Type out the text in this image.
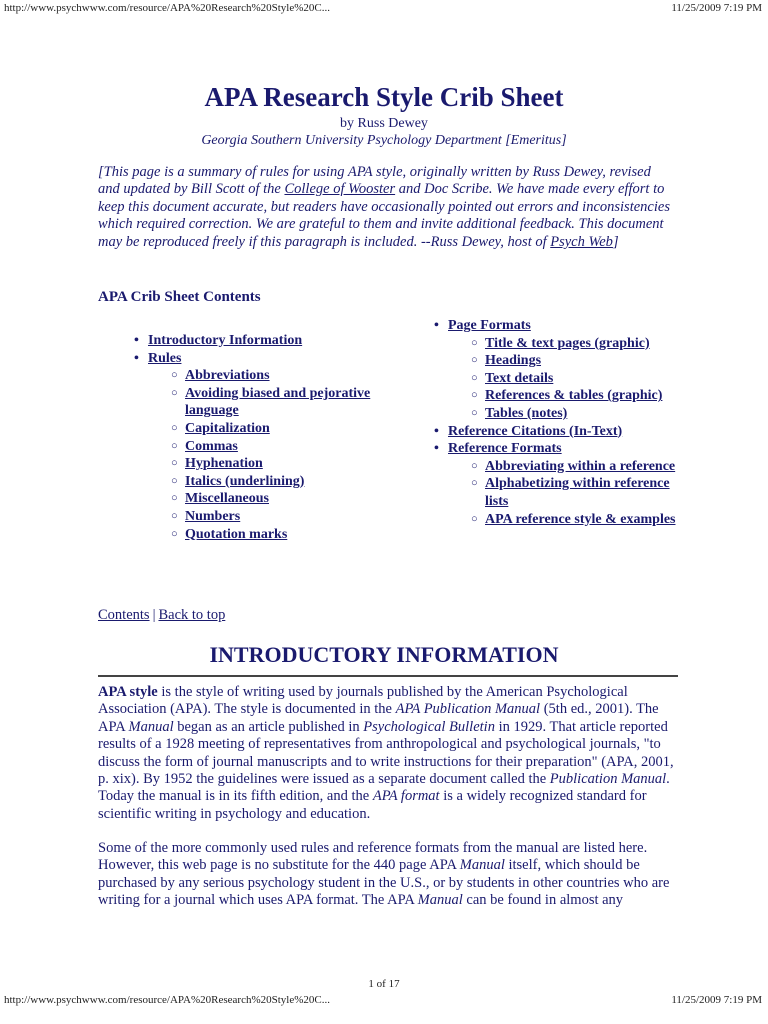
http://www.psychwww.com/resource/APA%20Research%20Style%20C...	11/25/2009 7:19 PM
APA Research Style Crib Sheet
by Russ Dewey
Georgia Southern University Psychology Department [Emeritus]

[This page is a summary of rules for using APA style, originally written by Russ Dewey, revised and updated by Bill Scott of the College of Wooster and Doc Scribe. We have made every effort to keep this document accurate, but readers have occasionally pointed out errors and inconsistencies which required correction. We are grateful to them and invite additional feedback. This document may be reproduced freely if this paragraph is included. --Russ Dewey, host of Psych Web]

APA Crib Sheet Contents
• Introductory Information
• Rules
○ Abbreviations
○ Avoiding biased and pejorative language
○ Capitalization
○ Commas
○ Hyphenation
○ Italics (underlining)
○ Miscellaneous
○ Numbers
○ Quotation marks
• Page Formats
○ Title & text pages (graphic)
○ Headings
○ Text details
○ References & tables (graphic)
○ Tables (notes)
• Reference Citations (In-Text)
• Reference Formats
○ Abbreviating within a reference
○ Alphabetizing within reference lists
○ APA reference style & examples
Contents | Back to top
INTRODUCTORY INFORMATION

APA style is the style of writing used by journals published by the American Psychological Association (APA). The style is documented in the APA Publication Manual (5th ed., 2001). The APA Manual began as an article published in Psychological Bulletin in 1929. That article reported results of a 1928 meeting of representatives from anthropological and psychological journals, "to discuss the form of journal manuscripts and to write instructions for their preparation" (APA, 2001, p. xix). By 1952 the guidelines were issued as a separate document called the Publication Manual. Today the manual is in its fifth edition, and the APA format is a widely recognized standard for scientific writing in psychology and education.

Some of the more commonly used rules and reference formats from the manual are listed here. However, this web page is no substitute for the 440 page APA Manual itself, which should be purchased by any serious psychology student in the U.S., or by students in other countries who are writing for a journal which uses APA format. The APA Manual can be found in almost any

1 of 17
http://www.psychwww.com/resource/APA%20Research%20Style%20C...	11/25/2009 7:19 PM
